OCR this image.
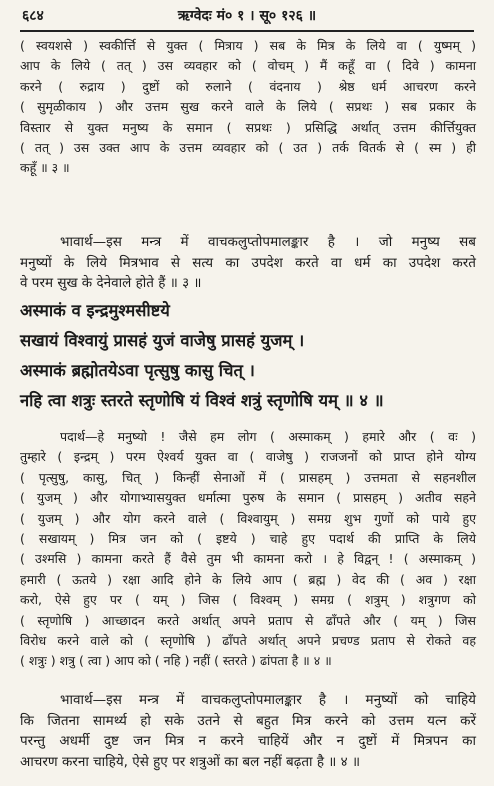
६८४	ऋग्वेदः मं० १ । सू० १२६ ॥
( स्वयशसे ) स्वकीर्त्ति से युक्त ( मित्राय ) सब के मित्र के लिये वा ( युष्मम् )
आप के लिये ( तत् ) उस व्यवहार को ( वोचम् ) मैं कहूँ वा ( दिवे ) कामना
करने ( रुद्राय ) दुष्टों को रुलाने ( वंदनाय ) श्रेष्ठ धर्म आचरण करने
( सुमृळीकाय ) और उत्तम सुख करने वाले के लिये ( सप्रथः ) सब प्रकार के
विस्तार से युक्त मनुष्य के समान ( सप्रथः ) प्रसिद्धि अर्थात् उत्तम कीर्त्तियुक्त
( तत् ) उस उक्त आप के उत्तम व्यवहार को ( उत ) तर्क वितर्क से ( स्म ) ही
कहूँ ॥ ३ ॥
भावार्थ—इस मन्त्र में वाचकलुप्तोपमालङ्कार है । जो मनुष्य सब
मनुष्यों के लिये मित्रभाव से सत्य का उपदेश करते वा धर्म का उपदेश करते
वे परम सुख के देनेवाले होते हैं ॥ ३ ॥
अस्माकं व इन्द्रमुश्मसीष्टये
सखायं विश्वायुं प्रासहं युजं वाजेषु प्रासहं युजम् ।
अस्माकं ब्रह्मोतयेऽवा पृत्सुषु कासु चित् ।
नहि त्वा शत्रुः स्तरते स्तृणोषि यं विश्वं शत्रुं स्तृणोषि यम् ॥ ४ ॥
पदार्थ—हे मनुष्यो ! जैसे हम लोग ( अस्माकम् ) हमारे और ( वः )
तुम्हारे ( इन्द्रम् ) परम ऐश्वर्य युक्त वा ( वाजेषु ) राजजनों को प्राप्त होने योग्य
( पृत्सुषु, कासु, चित् ) किन्हीं सेनाओं में ( प्रासहम् ) उत्तमता से सहनशील
( युजम् ) और योगाभ्यासयुक्त धर्मात्मा पुरुष के समान ( प्रासहम् ) अतीव सहने
( युजम् ) और योग करने वाले ( विश्वायुम् ) समग्र शुभ गुणों को पाये हुए
( सखायम् ) मित्र जन को ( इष्टये ) चाहे हुए पदार्थ की प्राप्ति के लिये
( उश्मसि ) कामना करते हैं वैसे तुम भी कामना करो । हे विद्वन् ! ( अस्माकम् )
हमारी ( ऊतये ) रक्षा आदि होने के लिये आप ( ब्रह्म ) वेद की ( अव ) रक्षा
करो, ऐसे हुए पर ( यम् ) जिस ( विश्वम् ) समग्र ( शत्रुम् ) शत्रुगण को
( स्तृणोषि ) आच्छादन करते अर्थात् अपने प्रताप से ढाँपते और ( यम् ) जिस
विरोध करने वाले को ( स्तृणोषि ) ढाँपते अर्थात् अपने प्रचण्ड प्रताप से रोकते वह
( शत्रुः ) शत्रु ( त्वा ) आप को ( नहि ) नहीं ( स्तरते ) ढांपता है ॥ ४ ॥
भावार्थ—इस मन्त्र में वाचकलुप्तोपमालङ्कार है । मनुष्यों को चाहिये
कि जितना सामर्थ्य हो सके उतने से बहुत मित्र करने को उत्तम यत्न करें
परन्तु अधर्मी दुष्ट जन मित्र न करने चाहियें और न दुष्टों में मित्रपन का
आचरण करना चाहिये, ऐसे हुए पर शत्रुओं का बल नहीं बढ़ता है ॥ ४ ॥
